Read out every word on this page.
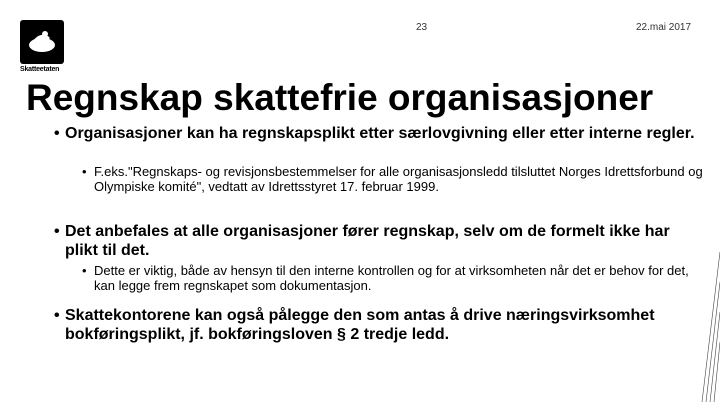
Skatteetaten
23	22.mai 2017
Regnskap skattefrie organisasjoner
• Organisasjoner kan ha regnskapsplikt etter særlovgivning eller etter interne regler.
• F.eks."Regnskaps- og revisjonsbestemmelser for alle organisasjonsledd tilsluttet Norges Idrettsforbund og Olympiske komité", vedtatt av Idrettsstyret 17. februar 1999.
• Det anbefales at alle organisasjoner fører regnskap, selv om de formelt ikke har plikt til det.
• Dette er viktig, både av hensyn til den interne kontrollen og for at virksomheten når det er behov for det, kan legge frem regnskapet som dokumentasjon.
• Skattekontorene kan også pålegge den som antas å drive næringsvirksomhet bokføringsplikt, jf. bokføringsloven § 2 tredje ledd.
